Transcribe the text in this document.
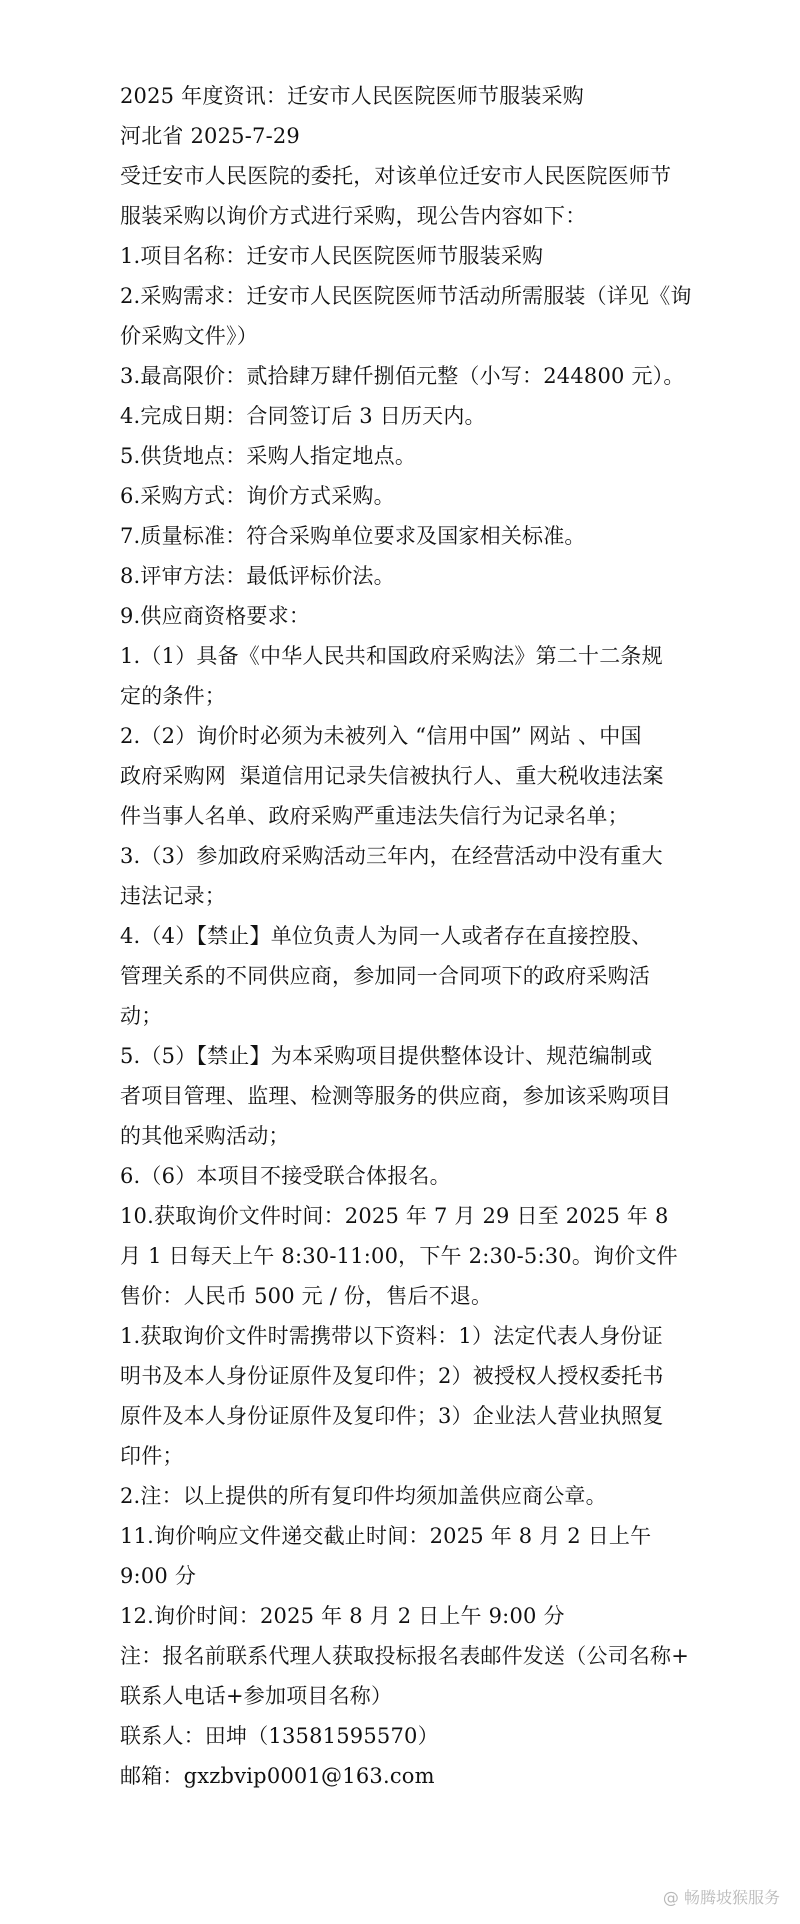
2025 年度资讯：迁安市人民医院医师节服装采购
河北省 2025-7-29
受迁安市人民医院的委托，对该单位迁安市人民医院医师节
服装采购以询价方式进行采购，现公告内容如下：
1.项目名称：迁安市人民医院医师节服装采购
2.采购需求：迁安市人民医院医师节活动所需服装（详见《询
价采购文件》）
3.最高限价：贰拾肆万肆仟捌佰元整（小写：244800 元）。
4.完成日期：合同签订后 3 日历天内。
5.供货地点：采购人指定地点。
6.采购方式：询价方式采购。
7.质量标准：符合采购单位要求及国家相关标准。
8.评审方法：最低评标价法。
9.供应商资格要求：
1.（1）具备《中华人民共和国政府采购法》第二十二条规
定的条件；
2.（2）询价时必须为未被列入 “信用中国” 网站 、中国
政府采购网  渠道信用记录失信被执行人、重大税收违法案
件当事人名单、政府采购严重违法失信行为记录名单；
3.（3）参加政府采购活动三年内，在经营活动中没有重大
违法记录；
4.（4）【禁止】单位负责人为同一人或者存在直接控股、
管理关系的不同供应商，参加同一合同项下的政府采购活
动；
5.（5）【禁止】为本采购项目提供整体设计、规范编制或
者项目管理、监理、检测等服务的供应商，参加该采购项目
的其他采购活动；
6.（6）本项目不接受联合体报名。
10.获取询价文件时间：2025 年 7 月 29 日至 2025 年 8
月 1 日每天上午 8:30-11:00，下午 2:30-5:30。询价文件
售价：人民币 500 元 / 份，售后不退。
1.获取询价文件时需携带以下资料：1）法定代表人身份证
明书及本人身份证原件及复印件；2）被授权人授权委托书
原件及本人身份证原件及复印件；3）企业法人营业执照复
印件；
2.注：以上提供的所有复印件均须加盖供应商公章。
11.询价响应文件递交截止时间：2025 年 8 月 2 日上午
9:00 分
12.询价时间：2025 年 8 月 2 日上午 9:00 分
注：报名前联系代理人获取投标报名表邮件发送（公司名称+
联系人电话+参加项目名称）
联系人：田坤（13581595570）
邮箱：gxzbvip0001@163.com
@ 畅腾坡猴服务
